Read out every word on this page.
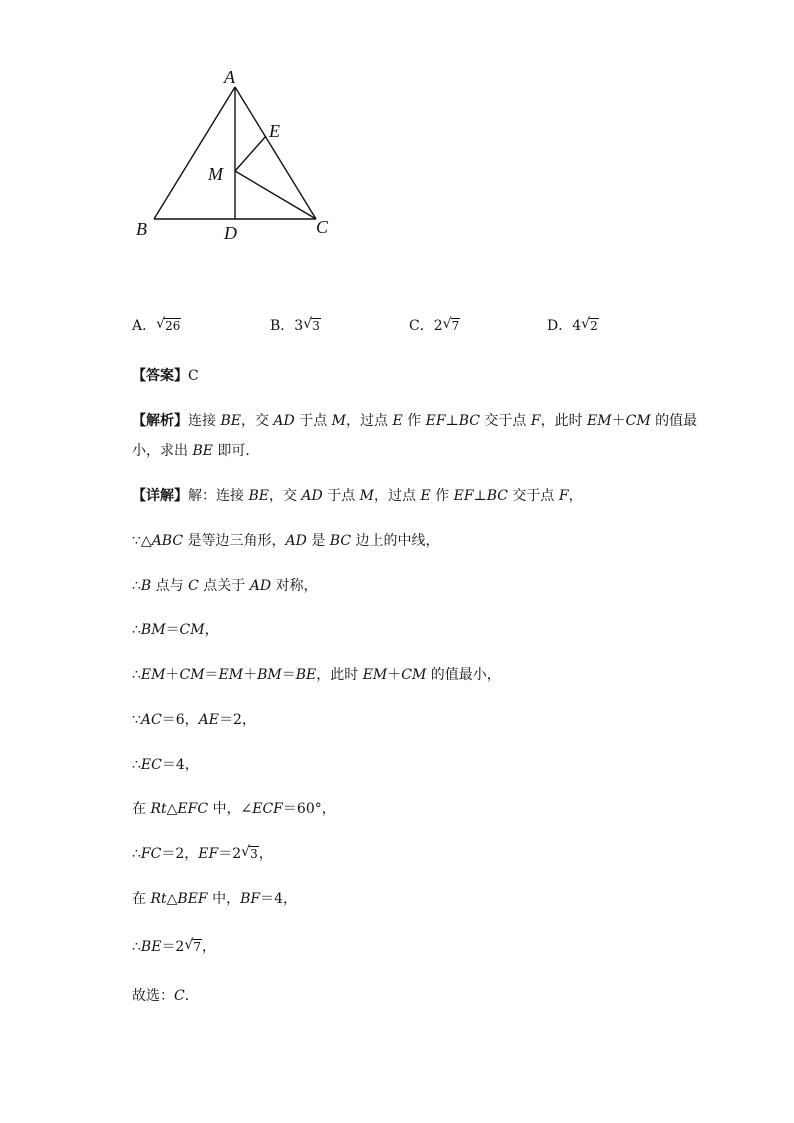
A
E
M
B	D	C
A． √ 26	B．3 √ 3	C．2 √ 7	D．4 √ 2
【答案】C
【解析】连接 BE，交 AD 于点 M，过点 E 作 EF⊥BC 交于点 F，此时 EM＋CM 的值最
小，求出 BE 即可．
【详解】解：连接 BE，交 AD 于点 M，过点 E 作 EF⊥BC 交于点 F，
∵△ABC 是等边三角形，AD 是 BC 边上的中线，
∴B 点与 C 点关于 AD 对称，
∴BM＝CM，
∴EM＋CM＝EM＋BM＝BE，此时 EM＋CM 的值最小，
∵AC＝6，AE＝2，
∴EC＝4，
在 Rt△EFC 中，∠ECF＝60°，
∴FC＝2，EF＝2 √ 3，
在 Rt△BEF 中，BF＝4，
∴BE＝2 √ 7，
故选：C．
